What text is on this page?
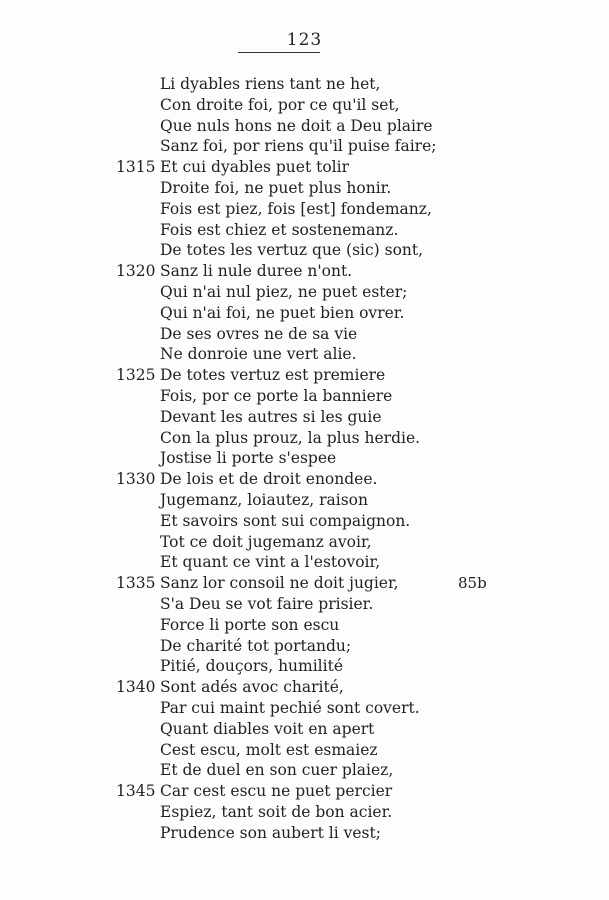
123
Li dyables riens tant ne het,
Con droite foi, por ce qu'il set,
Que nuls hons ne doit a Deu plaire
Sanz foi, por riens qu'il puise faire;
1315 Et cui dyables puet tolir
Droite foi, ne puet plus honir.
Fois est piez, fois [est] fondemanz,
Fois est chiez et sostenemanz.
De totes les vertuz que (sic) sont,
1320 Sanz li nule duree n'ont.
Qui n'ai nul piez, ne puet ester;
Qui n'ai foi, ne puet bien ovrer.
De ses ovres ne de sa vie
Ne donroie une vert alie.
1325 De totes vertuz est premiere
Fois, por ce porte la banniere
Devant les autres si les guie
Con la plus prouz, la plus herdie.
Jostise li porte s'espee
1330 De lois et de droit enondee.
Jugemanz, loiautez, raison
Et savoirs sont sui compaignon.
Tot ce doit jugemanz avoir,
Et quant ce vint a l'estovoir,
1335 Sanz lor consoil ne doit jugier,	85b
S'a Deu se vot faire prisier.
Force li porte son escu
De charité tot portandu;
Pitié, douçors, humilité
1340 Sont adés avoc charité,
Par cui maint pechié sont covert.
Quant diables voit en apert
Cest escu, molt est esmaiez
Et de duel en son cuer plaiez,
1345 Car cest escu ne puet percier
Espiez, tant soit de bon acier.
Prudence son aubert li vest;
